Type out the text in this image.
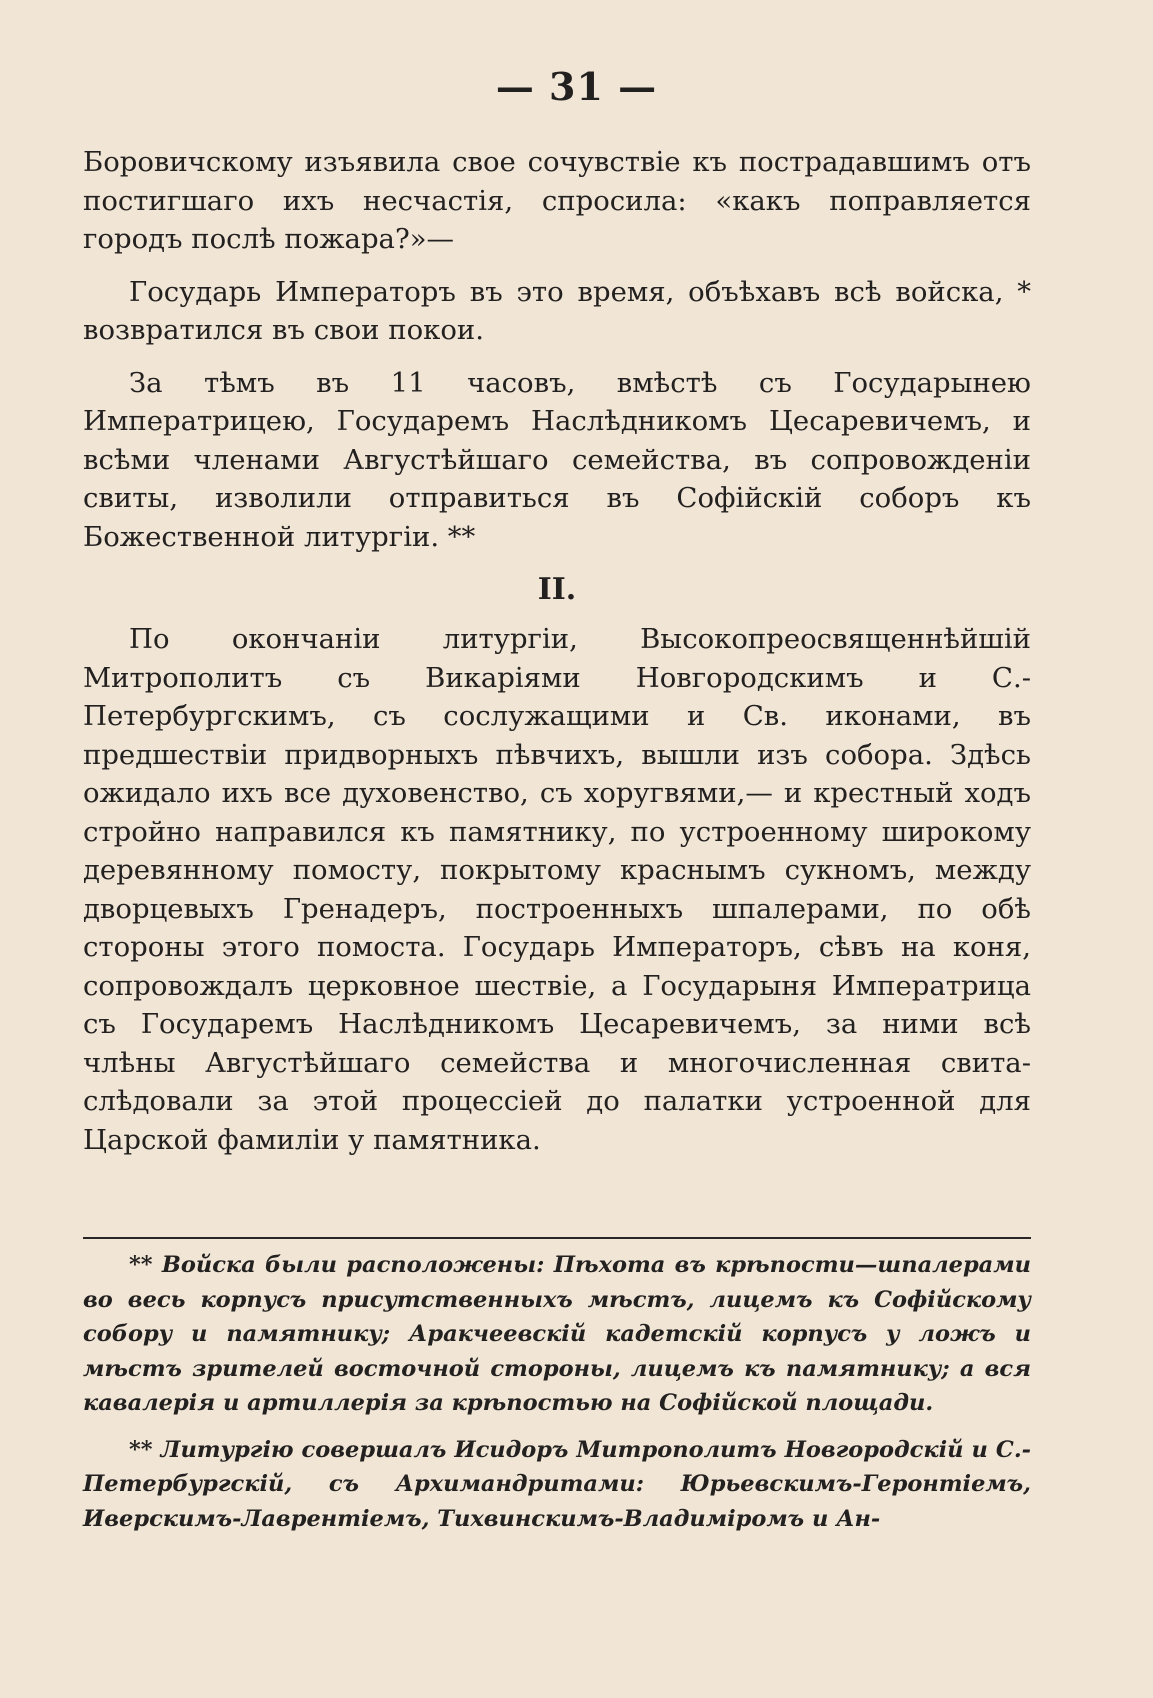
— 31 —

Боровичскому изъявила свое сочувствіе къ пострадавшимъ отъ постигшаго ихъ несчастія, спросила: «какъ поправляется городъ послѣ пожара?»—

Государь Императоръ въ это время, объѣхавъ всѣ войска, * возвратился въ свои покои.

За тѣмъ въ 11 часовъ, вмѣстѣ съ Государынею Императрицею, Государемъ Наслѣдникомъ Цесаревичемъ, и всѣми членами Августѣйшаго семейства, въ сопровожденіи свиты, изволили отправиться въ Софійскій соборъ къ Божественной литургіи. **

II.

По окончаніи литургіи, Высокопреосвященнѣйшій Митрополитъ съ Викаріями Новгородскимъ и С.-Петербургскимъ, съ сослужащими и Св. иконами, въ предшествіи придворныхъ пѣвчихъ, вышли изъ собора. Здѣсь ожидало ихъ все духовенство, съ хоругвями,— и крестный ходъ стройно направился къ памятнику, по устроенному широкому деревянному помосту, покрытому краснымъ сукномъ, между дворцевыхъ Гренадеръ, построенныхъ шпалерами, по обѣ стороны этого помоста. Государь Императоръ, сѣвъ на коня, сопровождалъ церковное шествіе, а Государыня Императрица съ Государемъ Наслѣдникомъ Цесаревичемъ, за ними всѣ члѣны Августѣйшаго семейства и многочисленная свита-слѣдовали за этой процессіей до палатки устроенной для Царской фамиліи у памятника.

** Войска были расположены: Пѣхота въ крѣпости—шпалерами во весь корпусъ присутственныхъ мѣстъ, лицемъ къ Софійскому собору и памятнику; Аракчеевскій кадетскій корпусъ у ложъ и мѣстъ зрителей восточной стороны, лицемъ къ памятнику; а вся кавалерія и артиллерія за крѣпостью на Софійской площади.

** Литургію совершалъ Исидоръ Митрополитъ Новгородскій и С.-Петербургскій, съ Архимандритами: Юрьевскимъ-Геронтіемъ, Иверскимъ-Лаврентіемъ, Тихвинскимъ-Владиміромъ и Ан-
